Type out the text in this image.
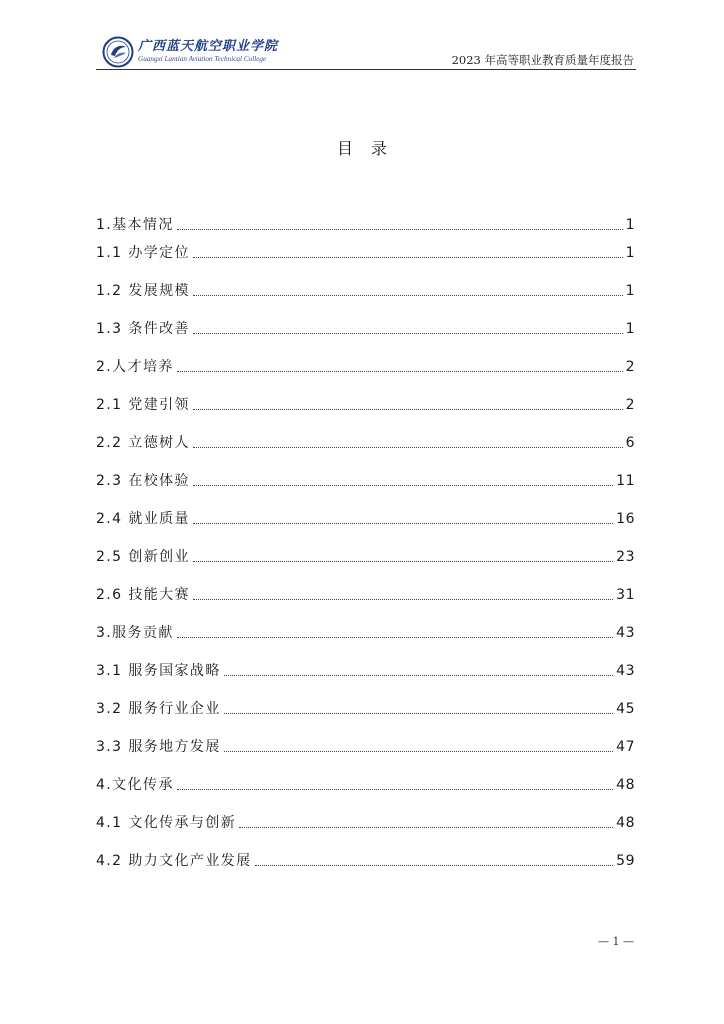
广西蓝天航空职业学院
Guangxi Lantian Aviation Technical College	2023 年高等职业教育质量年度报告
目录
1.基本情况	1
1.1 办学定位	1
1.2 发展规模	1
1.3 条件改善	1
2.人才培养	2
2.1 党建引领	2
2.2 立德树人	6
2.3 在校体验	11
2.4 就业质量	16
2.5 创新创业	23
2.6 技能大赛	31
3.服务贡献	43
3.1 服务国家战略	43
3.2 服务行业企业	45
3.3 服务地方发展	47
4.文化传承	48
4.1 文化传承与创新	48
4.2 助力文化产业发展	59
— 1 —
